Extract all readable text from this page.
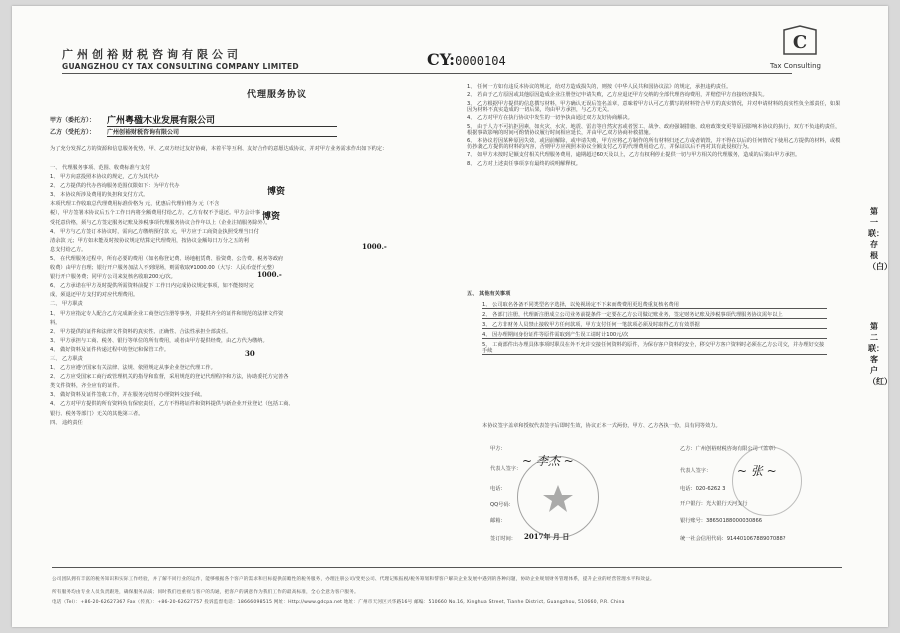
广州创裕财税咨询有限公司
GUANGZHOU CY TAX CONSULTING COMPANY LIMITED	CY:0000104
C
Tax Consulting
代理服务协议
甲方（委托方）： 广州粤楹木业发展有限公司
乙方（受托方）： 广州创裕财税咨询有限公司
为了充分发挥乙方的资源和信息服务优势，甲、乙双方经过友好协商，本着平等互利、友好合作的意愿达成协议，并对甲方业务需求作出如下约定：
一、 代理服务事项、范围、收费标准与支付
1、 甲方向意投照本协议的规定，乙方为其代办
2、 乙方提供的代办咨询服务范围仅限如下：为甲方代办
3、 本协议所涉及费用的负担和支付方式。
本项代理工作收取总代理费用标准价格为 元，优惠后代理价格为 元（不含
税），甲方签署本协议后五个工作日内将全额费用付给乙方，乙方有权不予退还。甲方会计事
受托意价格，须与乙方签定服务记账及涉税事项代理服务协议合作年以上（企业注销服务除外）。
4、 甲方与乙方签订本协议时，需向乙方缴纳预付款 元，甲方应于工商资金执照受理当日付
清余款 元；甲方如未能及时按协议规定结算定代理费用，按协议金额每日万分之五的利
息支付给乙方。
5、 在代理服务过程中，所有必要的费用（如名称登记费、场地租赁费、验资费、公告费、税务等政府
收费）由甲方自理；银行开户服务加法人不到现场，则需收取¥1000.00（大写：人民币壹仟元整）
银行开户服务费；同甲方公司来复核名收取200元/次。
6、 乙方承诺在甲方及时提供所需资料前提下 工作日内完成协议规定事项，如不能按时完
成，须退还甲方支付的对应代理费用。
二、 甲方职责
1、 甲方应指定专人配合乙方完成新企业工商登记注册等事务，并提供齐全的证件和规范的法律文件资
料。
2、 甲方提供的证件和法律文件资料的真实性、正确性、合法性承担全部责任。
3、 甲方承担与工商、税务、银行等单位的所有费用，或者由甲方提供经费，由乙方代为缴纳。
4、 做好资料及证件传递过程中的登记和保管工作。
三、 乙方职责
1、 乙方应遵守国家有关法律、法规、依照规定从事企业登记代理工作。
2、 乙方应受国家工商行政管理机关的指导和监督，采用规范的登记代理程序和方法，协助委托方完善各
类文件资料，齐全应有的证件。
3、 做好资料及证件签收工作，并在服务完结时办理资料交接手续。
4、 乙方对甲方提供的所有资料负有保密责任，乙方不得将证件和资料提供与新企业开业登记（包括工商、
银行、税务等部门）无关的其他第三者。
四、 违约责任
博资
博资
1000.-
1000.-
30
1、 任何一方如有违反本协议的规定，给对方造成损失的，则按《中华人民共和国协议法》的规定，承担违约责任。
2、 若由于乙方原因或其他原因造成企业注册登记申请失败，乙方应退还甲方交纳的全部代理咨询费用，并赔偿甲方直接经济损失。
3、 乙方根据甲方提供的信息撰写材料，甲方确认无误后签名盖章，意味着甲方认可乙方撰写的材料符合甲方的真实情况，并对申请材料的真实性负全部责任，如果因为材料不真实造成的一切后果，均由甲方承担，与乙方无关。
4、 乙方对甲方在执行协议中发生的一切争执由通过双方友好协商解决。
5、 由于人力不可抗拒因素，如火灾、水灾、地震、雷击等自然灾害或者罢工、战争、政府强制措施、政府政策变更等原因影响本协议的执行，双方不负违约责任，根据事故影响的时间可酌情协议履行时间相应延长，并由甲乙双方协商补救措施。
6、 本协议若因某种原因失效，或因前解除，或申请失败，甲方应将乙方制作的所有材料归还乙方或者销毁，并不得在以后的任何情况下使用乙方提供的材料，或模仿抄袭乙方提供的材料的内容，否则甲方应视照本协议全额支付乙方的代理费用给乙方，并保证以后不再对其有此侵权行为。
7、 如甲方未按时足额支付相关代理服务费用，逾期超过60天及以上，乙方有权利停止提供一切与甲方相关的代理服务，造成的后果由甲方承担。
8、 乙方对上述责任事项享有最终的说明解释权。
五、 其他有关事项
1、 公司取名各备不同类型名字选择，以免视场定不下来而费费用更迟费重复核名费用
2、 各部门注册，代理新注册成立公司业务前提条件一定要在乙方公司做记账业务，签定财务记账及涉税事项代理服务协议需年以上
3、 乙方非财务人员禁止接收甲方任何款项，甲方支付任何一笔款项必须及时取得乙方有效票据
4、 因办理期间身份证件等原件需取到产生误工请时计100元/次
5、 工商部件出办理具体事项时职员在外不允许交接任何资料的原件，为保存客户资料的安全，移交甲方客户资料时必须在乙方公司交，并办理好交接手续
本协议签字盖章和授权代表签字后即时生效，协议正本一式两份，甲方、乙方各执一份，具有同等效力。
甲方：
代表人签字：
电话：
QQ号码：
邮箱：
签订时间： 2017年 月 日
乙方：广州创裕财税咨询有限公司（盖章）
代表人签字：
电话：020-6262 3
开户银行：光大银行天河支行
银行账号：38650188000030866
统一社会信用代码：91440106788907088?
~ 李杰 ~
~ 张 ~
第一联：存根（白）
第二联：客户（红）
公司团队拥有丰富的税务知识和实际工作经验，并了解不同行业的运作，能够根据各个客户的需求和目标提供前瞻性的税务服务，办理注册公司/变更公司、代理记账报税/税务筹划和帮客户解决企业发展中遇到的各种问题，协助企业规划财务管理体系，提升企业的经营管理水平和效益。
所有服务均由专业人员负责跟进，确保服务品质；同时我们也重视与客户的沟通，把客户的满意作为我们工作的最高标准，全心全意为客户服务。
电话（Tel）：+86-20-62627367 Fax（传真）：+86-20-62627757 投诉监督电话：18666098515 网址：Http://www.gdcpa.net 地址：广州市天河区兴华路16号 邮编：510660 No.16, Xinghua Street, Tianhe District, Guangzhou, 510660, P.R. China
